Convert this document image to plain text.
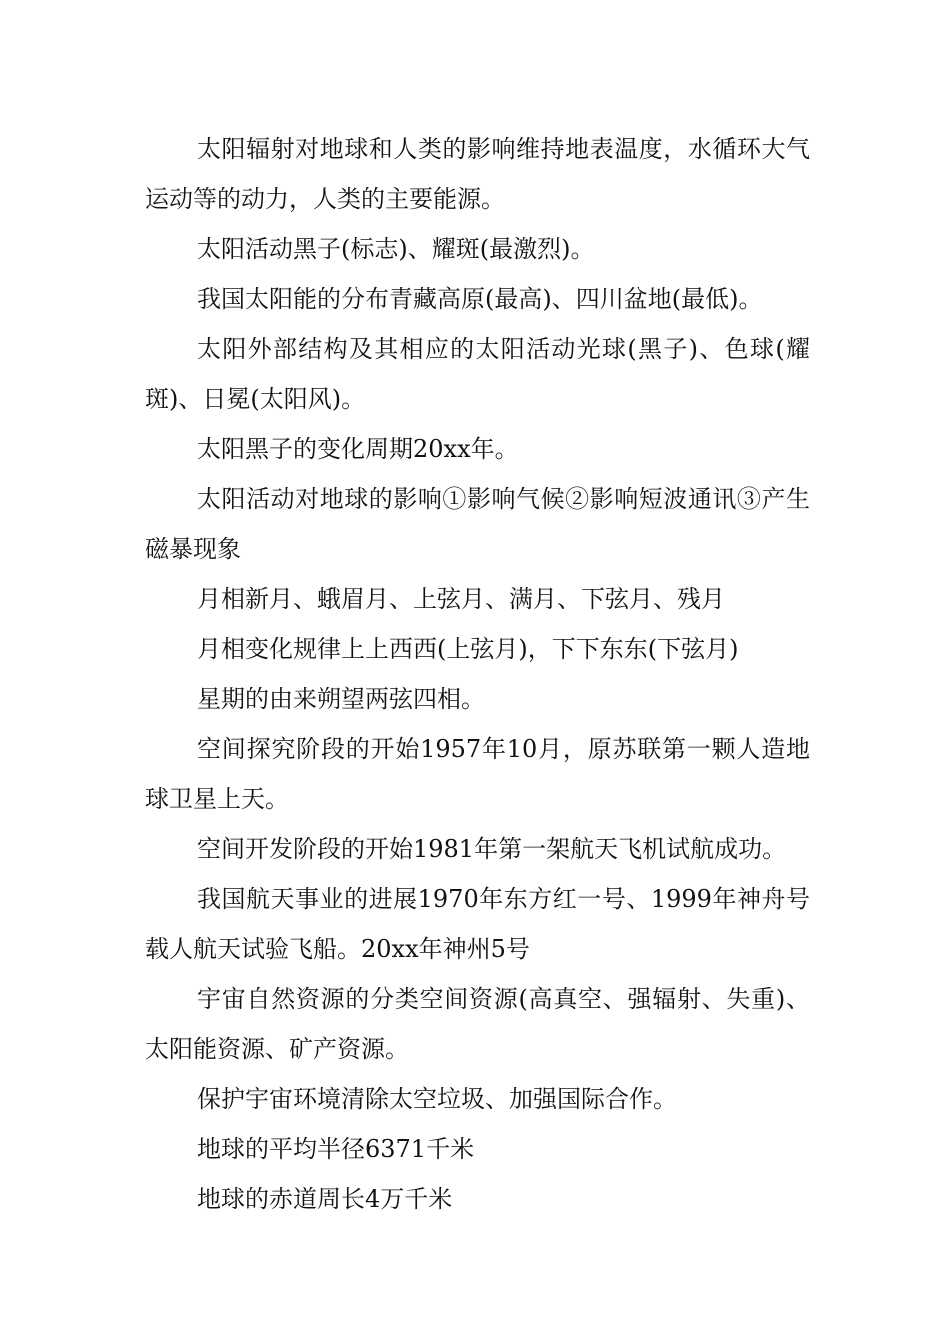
太阳辐射对地球和人类的影响维持地表温度，水循环大气运动等的动力，人类的主要能源。

太阳活动黑子(标志)、耀斑(最激烈)。

我国太阳能的分布青藏高原(最高)、四川盆地(最低)。

太阳外部结构及其相应的太阳活动光球(黑子)、色球(耀斑)、日冕(太阳风)。

太阳黑子的变化周期20xx年。

太阳活动对地球的影响①影响气候②影响短波通讯③产生磁暴现象

月相新月、蛾眉月、上弦月、满月、下弦月、残月

月相变化规律上上西西(上弦月)，下下东东(下弦月)

星期的由来朔望两弦四相。

空间探究阶段的开始1957年10月，原苏联第一颗人造地球卫星上天。

空间开发阶段的开始1981年第一架航天飞机试航成功。

我国航天事业的进展1970年东方红一号、1999年神舟号载人航天试验飞船。20xx年神州5号

宇宙自然资源的分类空间资源(高真空、强辐射、失重)、太阳能资源、矿产资源。

保护宇宙环境清除太空垃圾、加强国际合作。

地球的平均半径6371千米

地球的赤道周长4万千米
